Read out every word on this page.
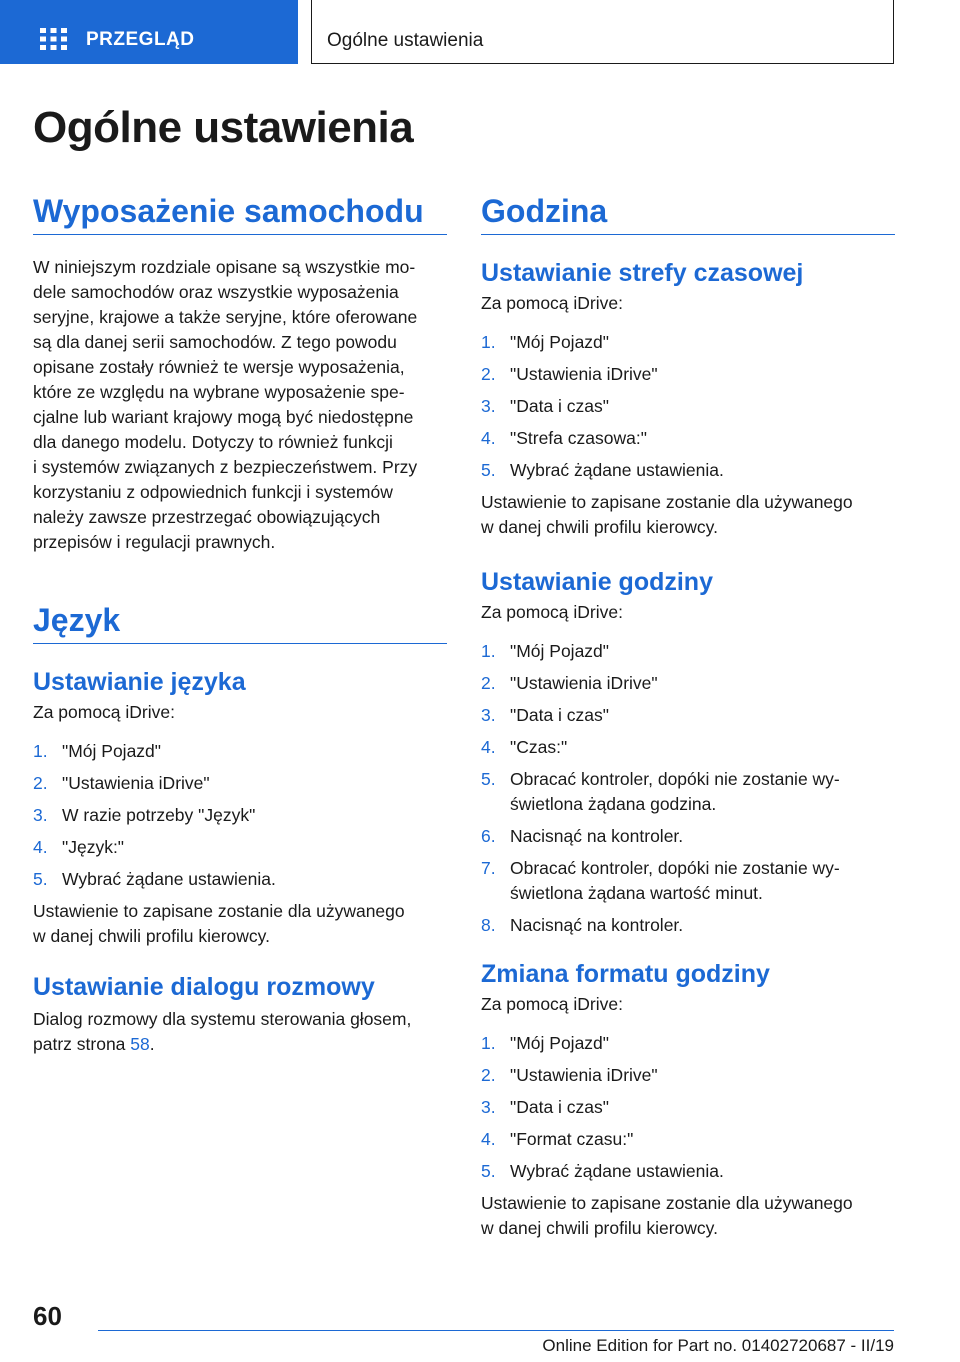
PRZEGLĄD	Ogólne ustawienia
Ogólne ustawienia
Wyposażenie samochodu

W niniejszym rozdziale opisane są wszystkie mo‐
dele samochodów oraz wszystkie wyposażenia
seryjne, krajowe a także seryjne, które oferowane
są dla danej serii samochodów. Z tego powodu
opisane zostały również te wersje wyposażenia,
które ze względu na wybrane wyposażenie spe‐
cjalne lub wariant krajowy mogą być niedostępne
dla danego modelu. Dotyczy to również funkcji
i systemów związanych z bezpieczeństwem. Przy
korzystaniu z odpowiednich funkcji i systemów
należy zawsze przestrzegać obowiązujących
przepisów i regulacji prawnych.

Język
Ustawianie języka

Za pomocą iDrive:

1. "Mój Pojazd"
2. "Ustawienia iDrive"
3. W razie potrzeby "Język"
4. "Język:"
5. Wybrać żądane ustawienia.

Ustawienie to zapisane zostanie dla używanego
w danej chwili profilu kierowcy.

Ustawianie dialogu rozmowy

Dialog rozmowy dla systemu sterowania głosem,
patrz strona 58.

Godzina
Ustawianie strefy czasowej

Za pomocą iDrive:

1. "Mój Pojazd"
2. "Ustawienia iDrive"
3. "Data i czas"
4. "Strefa czasowa:"
5. Wybrać żądane ustawienia.

Ustawienie to zapisane zostanie dla używanego
w danej chwili profilu kierowcy.

Ustawianie godziny

Za pomocą iDrive:

1. "Mój Pojazd"
2. "Ustawienia iDrive"
3. "Data i czas"
4. "Czas:"
5. Obracać kontroler, dopóki nie zostanie wy‐
świetlona żądana godzina.
6. Nacisnąć na kontroler.
7. Obracać kontroler, dopóki nie zostanie wy‐
świetlona żądana wartość minut.
8. Nacisnąć na kontroler.
Zmiana formatu godziny

Za pomocą iDrive:

1. "Mój Pojazd"
2. "Ustawienia iDrive"
3. "Data i czas"
4. "Format czasu:"
5. Wybrać żądane ustawienia.

Ustawienie to zapisane zostanie dla używanego
w danej chwili profilu kierowcy.

60
Online Edition for Part no. 01402720687 - II/19
